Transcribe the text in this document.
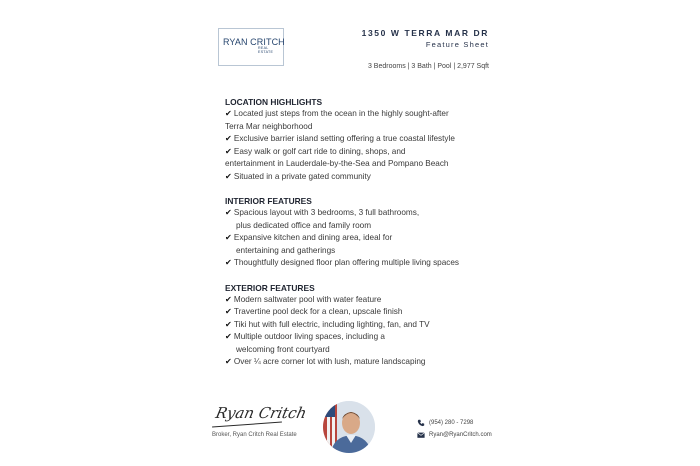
RYAN CRITCH
REAL ESTATE
1350 W TERRA MAR DR
Feature Sheet
3 Bedrooms | 3 Bath | Pool | 2,977 Sqft
LOCATION HIGHLIGHTS
✔ Located just steps from the ocean in the highly sought-after
Terra Mar neighborhood
✔ Exclusive barrier island setting offering a true coastal lifestyle
✔ Easy walk or golf cart ride to dining, shops, and
entertainment in Lauderdale-by-the-Sea and Pompano Beach
✔ Situated in a private gated community
INTERIOR FEATURES
✔ Spacious layout with 3 bedrooms, 3 full bathrooms,
plus dedicated office and family room
✔ Expansive kitchen and dining area, ideal for
entertaining and gatherings
✔ Thoughtfully designed floor plan offering multiple living spaces
EXTERIOR FEATURES
✔ Modern saltwater pool with water feature
✔ Travertine pool deck for a clean, upscale finish
✔ Tiki hut with full electric, including lighting, fan, and TV
✔ Multiple outdoor living spaces, including a
welcoming front courtyard
✔ Over ¼ acre corner lot with lush, mature landscaping
Ryan Critch
Broker, Ryan Critch Real Estate
(954) 280 - 7298
Ryan@RyanCritch.com
